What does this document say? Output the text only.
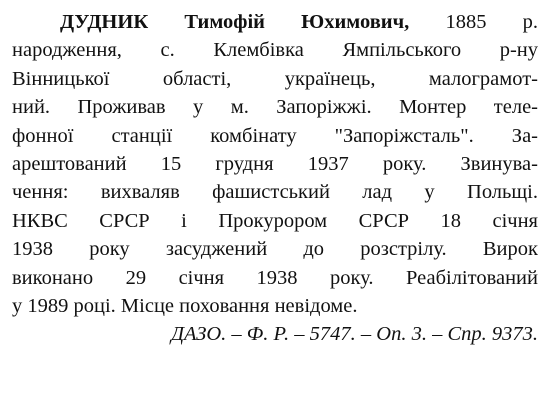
ДУДНИК Тимофій Юхимович, 1885 р.
народження, с. Клембівка Ямпільського р-ну
Вінницької області, українець, малограмот-
ний. Проживав у м. Запоріжжі. Монтер теле-
фонної станції комбінату "Запоріжсталь". За-
арештований 15 грудня 1937 року. Звинува-
чення: вихваляв фашистський лад у Польщі.
НКВС СРСР і Прокурором СРСР 18 січня
1938 року засуджений до розстрілу. Вирок
виконано 29 січня 1938 року. Реабілітований
у 1989 році. Місце поховання невідоме.
ДАЗО. – Ф. Р. – 5747. – Оп. 3. – Спр. 9373.
